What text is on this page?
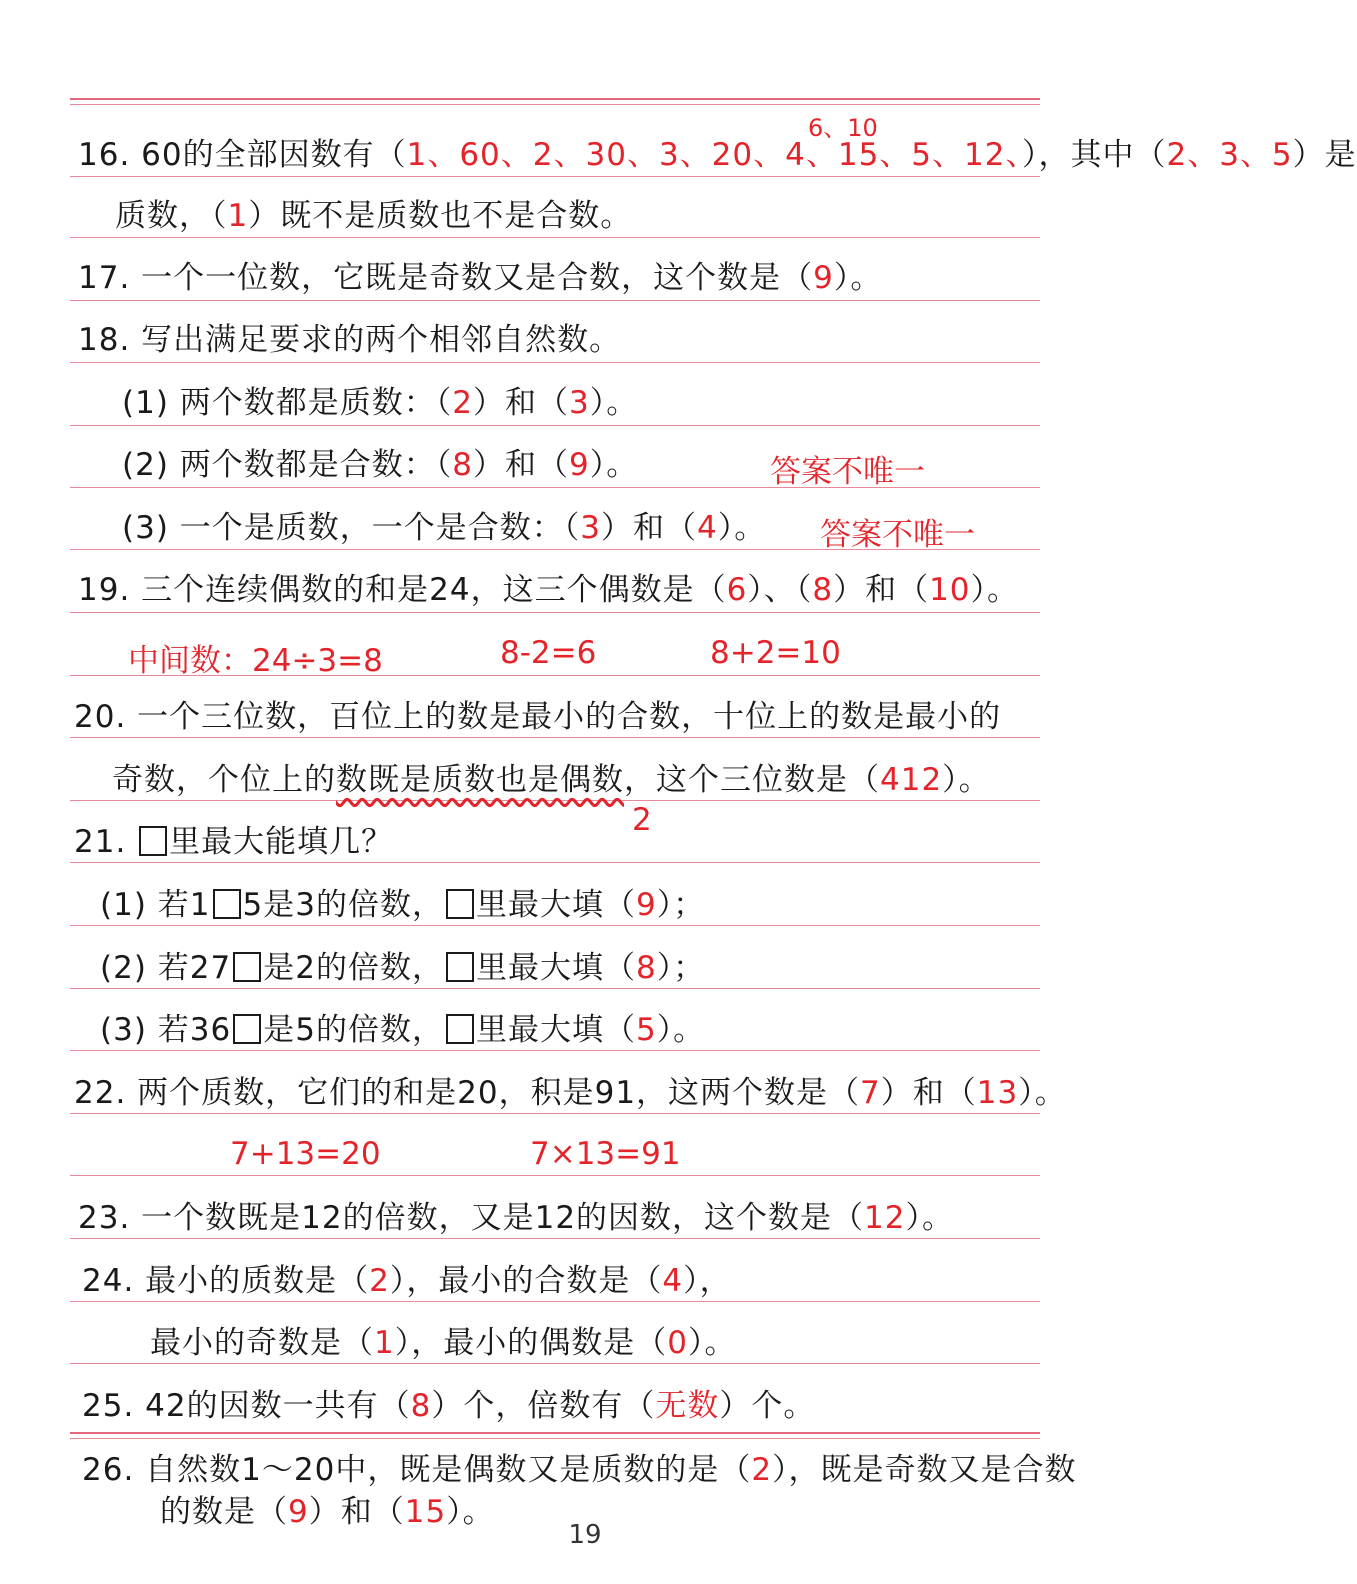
6、10
16. 60的全部因数有（1、60、2、30、3、20、4、15、5、12、），其中（2、3、5）是
质数，（1）既不是质数也不是合数。
17. 一个一位数，它既是奇数又是合数，这个数是（9）。
18. 写出满足要求的两个相邻自然数。
(1) 两个数都是质数：（2）和（3）。
(2) 两个数都是合数：（8）和（9）。	答案不唯一
(3) 一个是质数，一个是合数：（3）和（4）。 答案不唯一
19. 三个连续偶数的和是24，这三个偶数是（6）、（8）和（10）。
中间数：24÷3=8	8-2=6	8+2=10
20. 一个三位数，百位上的数是最小的合数，十位上的数是最小的
奇数，个位上的数既是质数也是偶数，这个三位数是（412）。
2
21. 里最大能填几？
(1) 若1 5是3的倍数， 里最大填（9）；
(2) 若27 是2的倍数， 里最大填（8）；
(3) 若36 是5的倍数， 里最大填（5）。
22. 两个质数，它们的和是20，积是91，这两个数是（7）和（13）。
7+13=20	7×13=91
23. 一个数既是12的倍数，又是12的因数，这个数是（12）。
24. 最小的质数是（2），最小的合数是（4），
最小的奇数是（1），最小的偶数是（0）。
25. 42的因数一共有（8）个，倍数有（无数）个。
26. 自然数1～20中，既是偶数又是质数的是（2），既是奇数又是合数
的数是（9）和（15）。
19
